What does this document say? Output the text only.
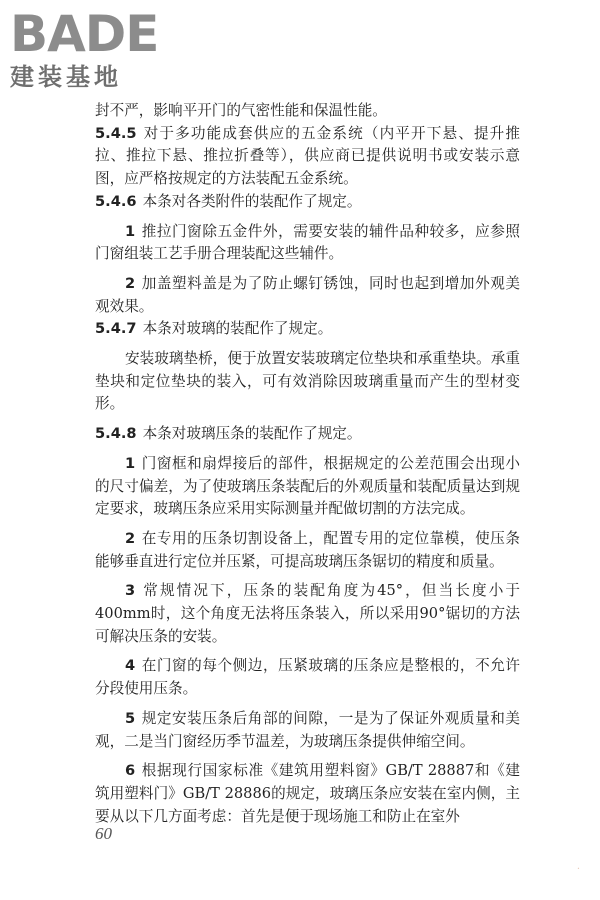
BADE
建装基地

封不严，影响平开门的气密性能和保温性能。

5.4.5 对于多功能成套供应的五金系统（内平开下悬、提升推拉、推拉下悬、推拉折叠等），供应商已提供说明书或安装示意图，应严格按规定的方法装配五金系统。

5.4.6 本条对各类附件的装配作了规定。

1 推拉门窗除五金件外，需要安装的辅件品种较多，应参照门窗组装工艺手册合理装配这些辅件。

2 加盖塑料盖是为了防止螺钉锈蚀，同时也起到增加外观美观效果。

5.4.7 本条对玻璃的装配作了规定。

安装玻璃垫桥，便于放置安装玻璃定位垫块和承重垫块。承重垫块和定位垫块的装入，可有效消除因玻璃重量而产生的型材变形。

5.4.8 本条对玻璃压条的装配作了规定。

1 门窗框和扇焊接后的部件，根据规定的公差范围会出现小的尺寸偏差，为了使玻璃压条装配后的外观质量和装配质量达到规定要求，玻璃压条应采用实际测量并配做切割的方法完成。

2 在专用的压条切割设备上，配置专用的定位靠模，使压条能够垂直进行定位并压紧，可提高玻璃压条锯切的精度和质量。

3 常规情况下，压条的装配角度为45°，但当长度小于400mm时，这个角度无法将压条装入，所以采用90°锯切的方法可解决压条的安装。

4 在门窗的每个侧边，压紧玻璃的压条应是整根的，不允许分段使用压条。

5 规定安装压条后角部的间隙，一是为了保证外观质量和美观，二是当门窗经历季节温差，为玻璃压条提供伸缩空间。

6 根据现行国家标准《建筑用塑料窗》GB/T 28887和《建筑用塑料门》GB/T 28886的规定，玻璃压条应安装在室内侧，主要从以下几方面考虑：首先是便于现场施工和防止在室外

60
·
